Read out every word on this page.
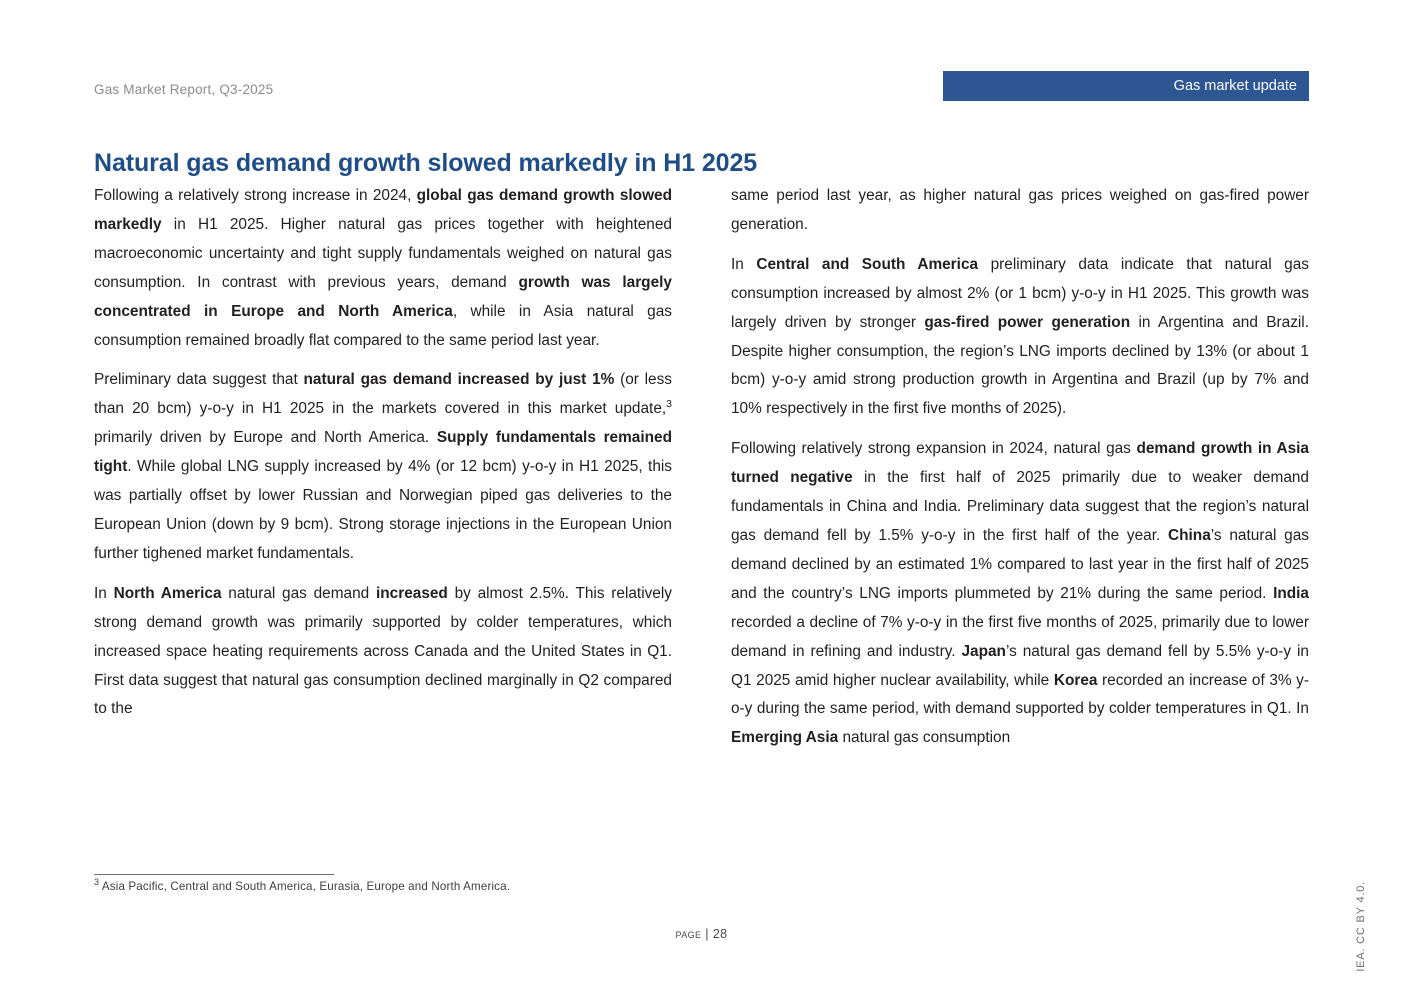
Gas Market Report, Q3-2025	Gas market update
Natural gas demand growth slowed markedly in H1 2025

Following a relatively strong increase in 2024, global gas demand growth slowed markedly in H1 2025. Higher natural gas prices together with heightened macroeconomic uncertainty and tight supply fundamentals weighed on natural gas consumption. In contrast with previous years, demand growth was largely concentrated in Europe and North America, while in Asia natural gas consumption remained broadly flat compared to the same period last year.

Preliminary data suggest that natural gas demand increased by just 1% (or less than 20 bcm) y-o-y in H1 2025 in the markets covered in this market update,$^3$ primarily driven by Europe and North America. Supply fundamentals remained tight. While global LNG supply increased by 4% (or 12 bcm) y-o-y in H1 2025, this was partially offset by lower Russian and Norwegian piped gas deliveries to the European Union (down by 9 bcm). Strong storage injections in the European Union further tighened market fundamentals.

In North America natural gas demand increased by almost 2.5%. This relatively strong demand growth was primarily supported by colder temperatures, which increased space heating requirements across Canada and the United States in Q1. First data suggest that natural gas consumption declined marginally in Q2 compared to the

same period last year, as higher natural gas prices weighed on gas-fired power generation.

In Central and South America preliminary data indicate that natural gas consumption increased by almost 2% (or 1 bcm) y-o-y in H1 2025. This growth was largely driven by stronger gas-fired power generation in Argentina and Brazil. Despite higher consumption, the region’s LNG imports declined by 13% (or about 1 bcm) y-o-y amid strong production growth in Argentina and Brazil (up by 7% and 10% respectively in the first five months of 2025).

Following relatively strong expansion in 2024, natural gas demand growth in Asia turned negative in the first half of 2025 primarily due to weaker demand fundamentals in China and India. Preliminary data suggest that the region’s natural gas demand fell by 1.5% y-o-y in the first half of the year. China’s natural gas demand declined by an estimated 1% compared to last year in the first half of 2025 and the country’s LNG imports plummeted by 21% during the same period. India recorded a decline of 7% y-o-y in the first five months of 2025, primarily due to lower demand in refining and industry. Japan’s natural gas demand fell by 5.5% y-o-y in Q1 2025 amid higher nuclear availability, while Korea recorded an increase of 3% y-o-y during the same period, with demand supported by colder temperatures in Q1. In Emerging Asia natural gas consumption

$^3$ Asia Pacific, Central and South America, Eurasia, Europe and North America.
page | 28	IEA. CC BY 4.0.
